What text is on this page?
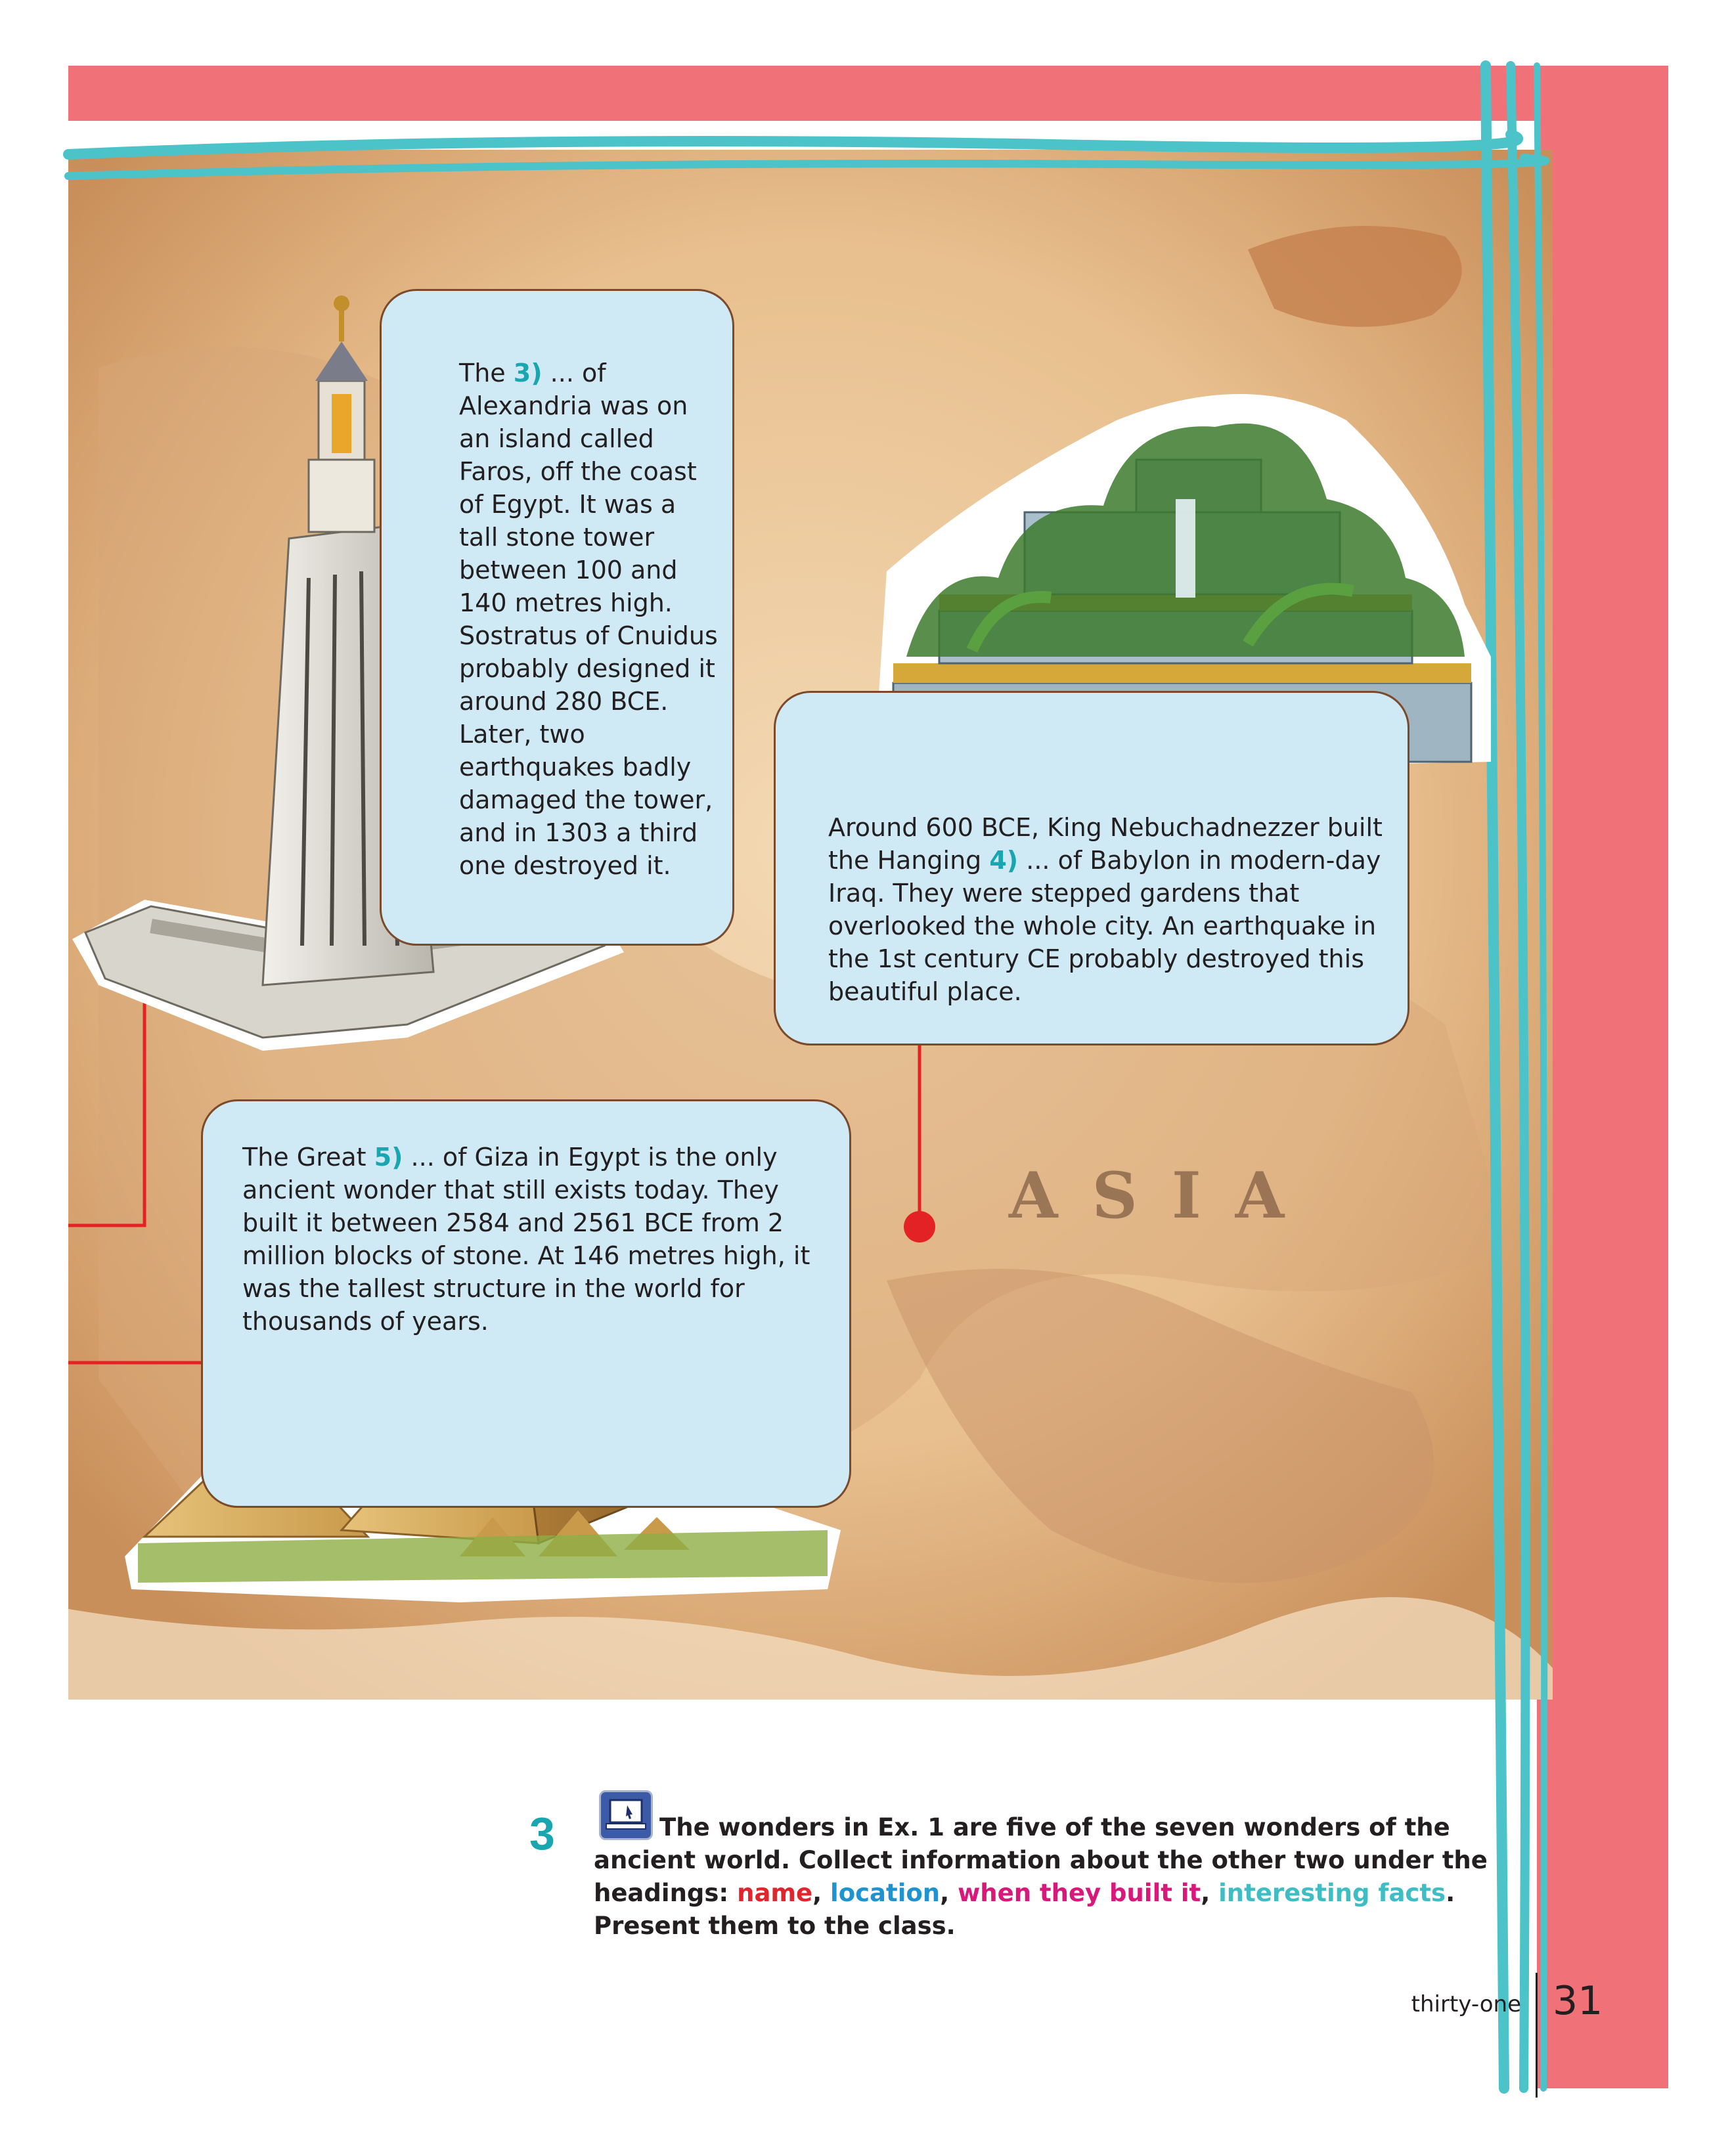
ASIA
The 3) ... of Alexandria was on an island called Faros, off the coast of Egypt. It was a tall stone tower between 100 and 140 metres high. Sostratus of Cnuidus probably designed it around 280 BCE. Later, two earthquakes badly damaged the tower, and in 1303 a third one destroyed it.
Around 600 BCE, King Nebuchadnezzer built the Hanging 4) ... of Babylon in modern-day Iraq. They were stepped gardens that overlooked the whole city. An earthquake in the 1st century CE probably destroyed this beautiful place.
The Great 5) ... of Giza in Egypt is the only ancient wonder that still exists today. They built it between 2584 and 2561 BCE from 2 million blocks of stone. At 146 metres high, it was the tallest structure in the world for thousands of years.
3	The wonders in Ex. 1 are five of the seven wonders of the ancient world. Collect information about the other two under the headings: name, location, when they built it, interesting facts. Present them to the class.
thirty-one 31
